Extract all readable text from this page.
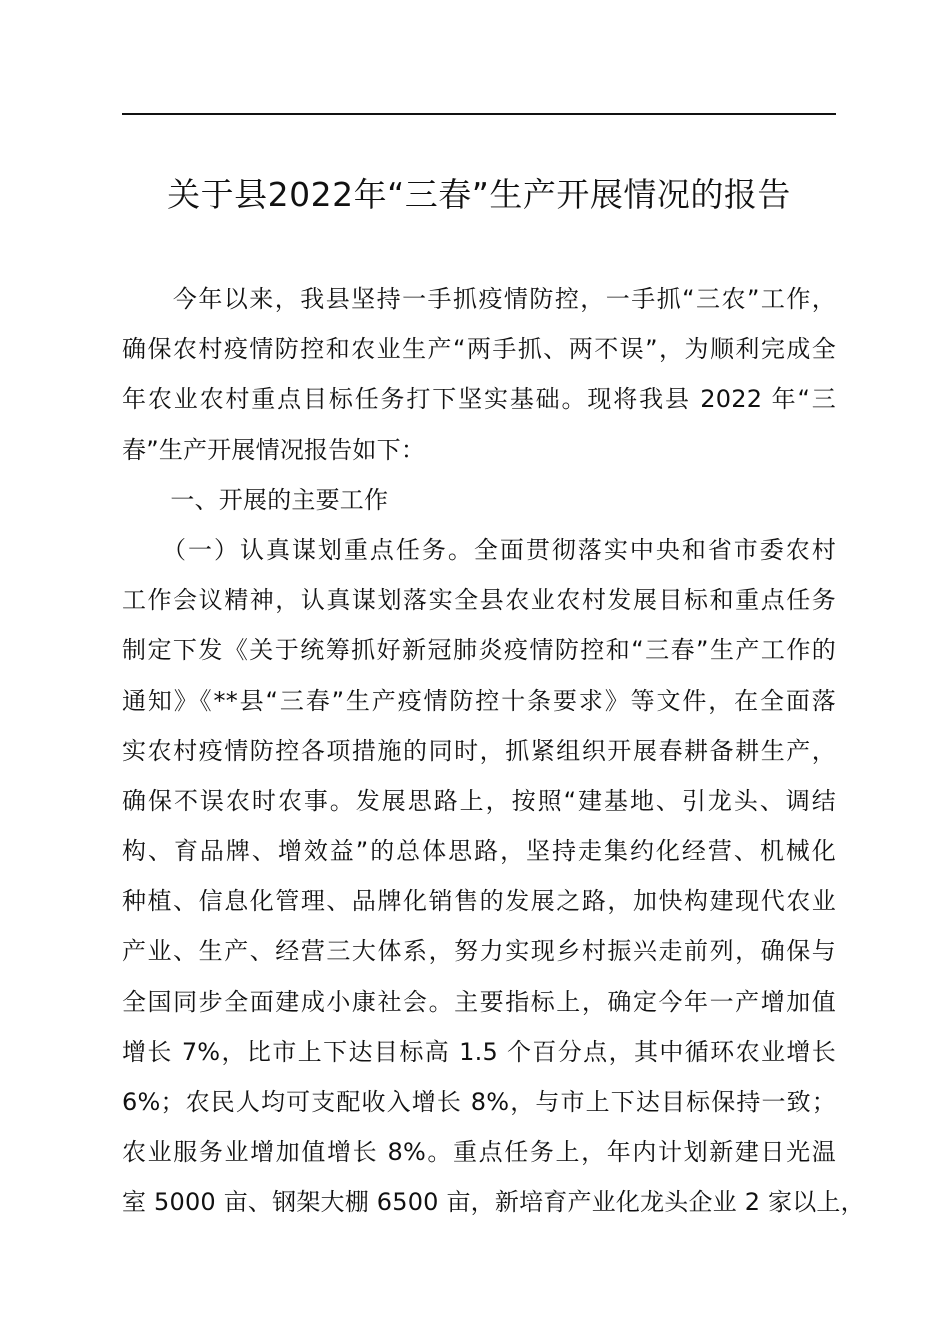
关于县2022年“三春”生产开展情况的报告
　　今年以来，我县坚持一手抓疫情防控，一手抓“三农”工作，
确保农村疫情防控和农业生产“两手抓、两不误”，为顺利完成全
年农业农村重点目标任务打下坚实基础。现将我县 2022 年“三
春”生产开展情况报告如下：
　　一、开展的主要工作
　　（一）认真谋划重点任务。全面贯彻落实中央和省市委农村
工作会议精神，认真谋划落实全县农业农村发展目标和重点任务
制定下发《关于统筹抓好新冠肺炎疫情防控和“三春”生产工作的
通知》《**县“三春”生产疫情防控十条要求》等文件，在全面落
实农村疫情防控各项措施的同时，抓紧组织开展春耕备耕生产，
确保不误农时农事。发展思路上，按照“建基地、引龙头、调结
构、育品牌、增效益”的总体思路，坚持走集约化经营、机械化
种植、信息化管理、品牌化销售的发展之路，加快构建现代农业
产业、生产、经营三大体系，努力实现乡村振兴走前列，确保与
全国同步全面建成小康社会。主要指标上，确定今年一产增加值
增长 7%，比市上下达目标高 1.5 个百分点，其中循环农业增长
6%；农民人均可支配收入增长 8%，与市上下达目标保持一致；
农业服务业增加值增长 8%。重点任务上，年内计划新建日光温
室 5000 亩、钢架大棚 6500 亩，新培育产业化龙头企业 2 家以上，
